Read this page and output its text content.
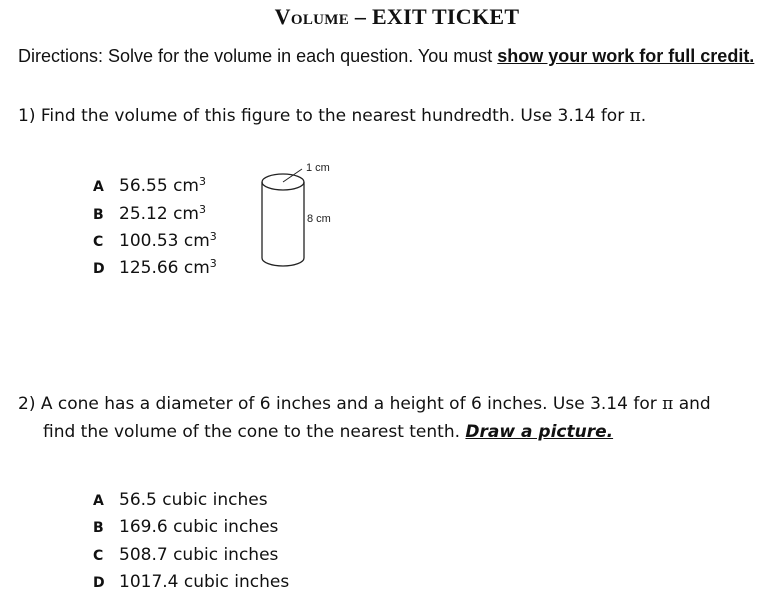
Volume – EXIT TICKET
Directions: Solve for the volume in each question. You must show your work for full credit.
1) Find the volume of this figure to the nearest hundredth. Use 3.14 for π.
A 56.55 $cm^3$
B 25.12 $cm^3$
C 100.53 $cm^3$
D 125.66 $cm^3$
1 cm
8 cm
2) A cone has a diameter of 6 inches and a height of 6 inches. Use 3.14 for π and
find the volume of the cone to the nearest tenth. Draw a picture.
A 56.5 cubic inches
B 169.6 cubic inches
C 508.7 cubic inches
D 1017.4 cubic inches
